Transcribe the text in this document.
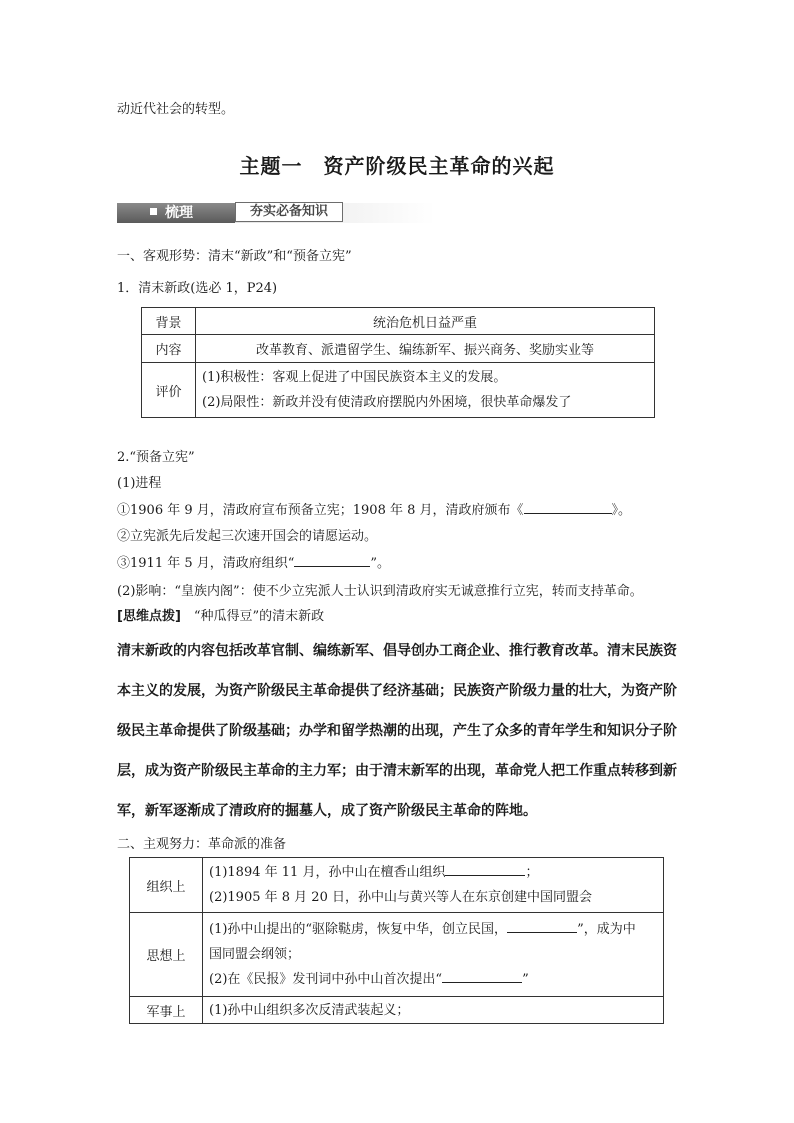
动近代社会的转型。
主题一　资产阶级民主革命的兴起
梳理	夯实必备知识
一、客观形势：清末“新政”和“预备立宪”
1．清末新政(选必 1，P24)
背景	统治危机日益严重
内容	改革教育、派遣留学生、编练新军、振兴商务、奖励实业等
评价	(1)积极性：客观上促进了中国民族资本主义的发展。
(2)局限性：新政并没有使清政府摆脱内外困境，很快革命爆发了
2.“预备立宪”
(1)进程
①1906 年 9 月，清政府宣布预备立宪；1908 年 8 月，清政府颁布《	》。
②立宪派先后发起三次速开国会的请愿运动。
③1911 年 5 月，清政府组织“	”。
(2)影响：“皇族内阁”：使不少立宪派人士认识到清政府实无诚意推行立宪，转而支持革命。
[思维点拨]  “种瓜得豆”的清末新政
清末新政的内容包括改革官制、编练新军、倡导创办工商企业、推行教育改革。清末民族资
本主义的发展，为资产阶级民主革命提供了经济基础；民族资产阶级力量的壮大，为资产阶
级民主革命提供了阶级基础；办学和留学热潮的出现，产生了众多的青年学生和知识分子阶
层，成为资产阶级民主革命的主力军；由于清末新军的出现，革命党人把工作重点转移到新
军，新军逐渐成了清政府的掘墓人，成了资产阶级民主革命的阵地。
二、主观努力：革命派的准备
组织上	(1)1894 年 11 月，孙中山在檀香山组织 ；
(2)1905 年 8 月 20 日，孙中山与黄兴等人在东京创建中国同盟会

思想上	(1)孙中山提出的“驱除鞑虏，恢复中华，创立民国， ”，成为中
国同盟会纲领；
(2)在《民报》发刊词中孙中山首次提出“ ”

军事上	(1)孙中山组织多次反清武装起义；
